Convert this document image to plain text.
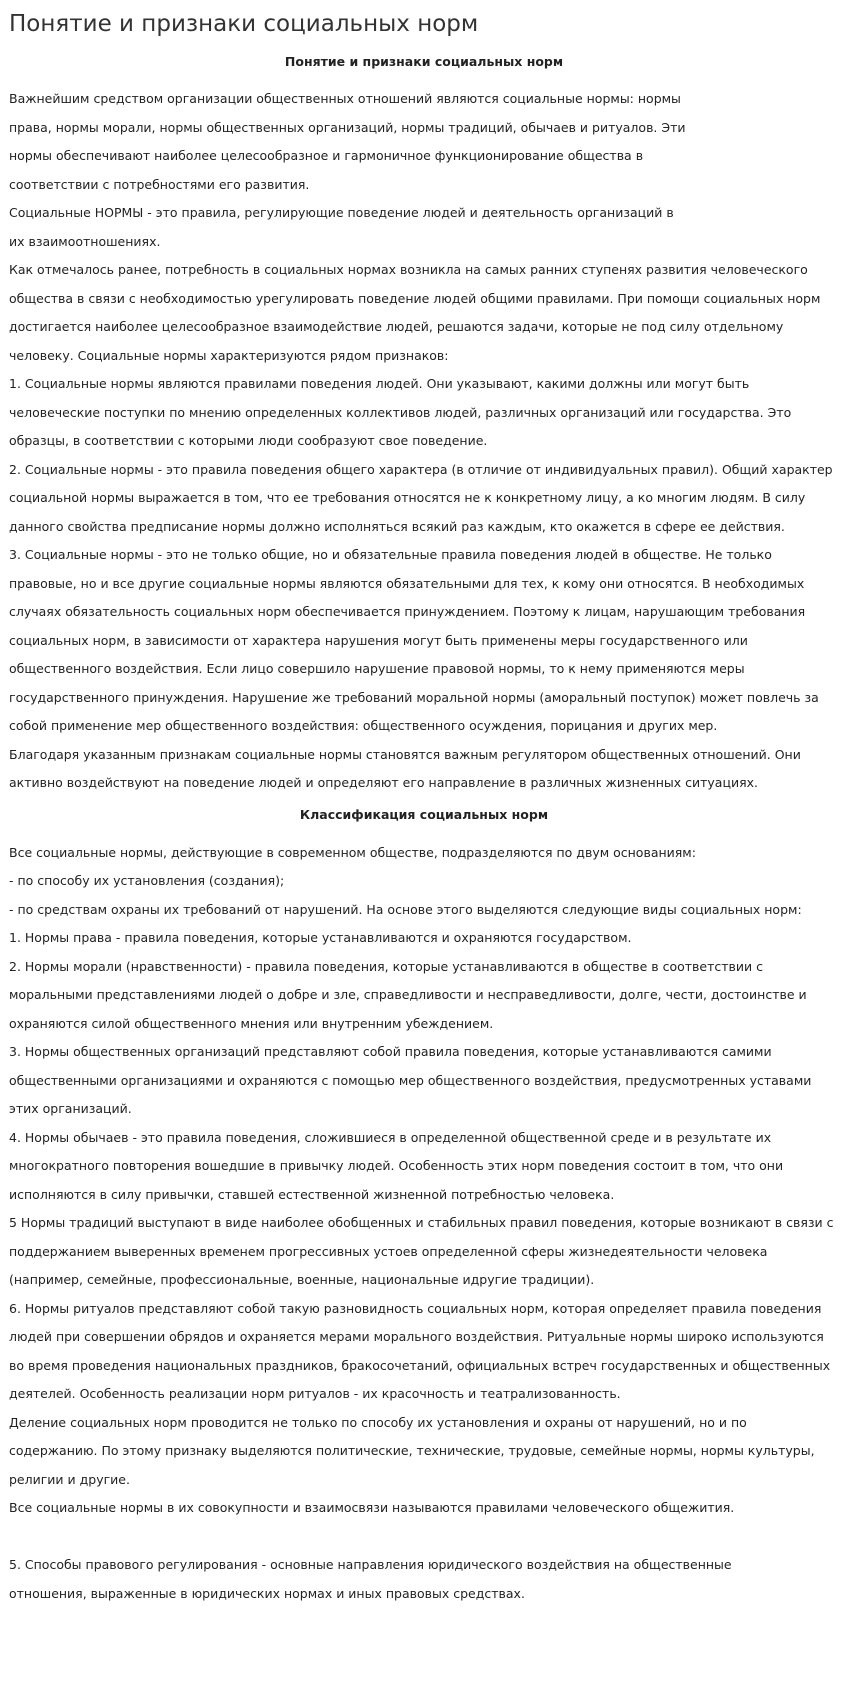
Понятие и признаки социальных норм
Понятие и признаки социальных норм

Важнейшим средством организации общественных отношений являются социальные нормы: нормы права, нормы морали, нормы общественных организаций, нормы традиций, обычаев и ритуалов. Эти нормы обеспечивают наиболее целесообразное и гармоничное функционирование общества в соответствии с потребностями его развития.

Социальные НОРМЫ - это правила, регулирующие поведение людей и деятельность организаций в их взаимоотношениях.

Как отмечалось ранее, потребность в социальных нормах возникла на самых ранних ступенях развития человеческого общества в связи с необходимостью урегулировать поведение людей общими правилами. При помощи социальных норм достигается наиболее целесообразное взаимодействие людей, решаются задачи, которые не под силу отдельному человеку. Социальные нормы характеризуются рядом признаков:

1. Социальные нормы являются правилами поведения людей. Они указывают, какими должны или могут быть человеческие поступки по мнению определенных коллективов людей, различных организаций или государства. Это образцы, в соответствии с которыми люди сообразуют свое поведение.

2. Социальные нормы - это правила поведения общего характера (в отличие от индивидуальных правил). Общий характер социальной нормы выражается в том, что ее требования относятся не к конкретному лицу, а ко многим людям. В силу данного свойства предписание нормы должно исполняться всякий раз каждым, кто окажется в сфере ее действия.

3. Социальные нормы - это не только общие, но и обязательные правила поведения людей в обществе. Не только правовые, но и все другие социальные нормы являются обязательными для тех, к кому они относятся. В необходимых случаях обязательность социальных норм обеспечивается принуждением. Поэтому к лицам, нарушающим требования социальных норм, в зависимости от характера нарушения могут быть применены меры государственного или общественного воздействия. Если лицо совершило нарушение правовой нормы, то к нему применяются меры государственного принуждения. Нарушение же требований моральной нормы (аморальный поступок) может повлечь за собой применение мер общественного воздействия: общественного осуждения, порицания и других мер.

Благодаря указанным признакам социальные нормы становятся важным регулятором общественных отношений. Они активно воздействуют на поведение людей и определяют его направление в различных жизненных ситуациях.

Классификация социальных норм

Все социальные нормы, действующие в современном обществе, подразделяются по двум основаниям:

- по способу их установления (создания);

- по средствам охраны их требований от нарушений. На основе этого выделяются следующие виды социальных норм:

1. Нормы права - правила поведения, которые устанавливаются и охраняются государством.

2. Нормы морали (нравственности) - правила поведения, которые устанавливаются в обществе в соответствии с моральными представлениями людей о добре и зле, справедливости и несправедливости, долге, чести, достоинстве и охраняются силой общественного мнения или внутренним убеждением.

3. Нормы общественных организаций представляют собой правила поведения, которые устанавливаются самими общественными организациями и охраняются с помощью мер общественного воздействия, предусмотренных уставами этих организаций.

4. Нормы обычаев - это правила поведения, сложившиеся в определенной общественной среде и в результате их многократного повторения вошедшие в привычку людей. Особенность этих норм поведения состоит в том, что они исполняются в силу привычки, ставшей естественной жизненной потребностью человека.

5 Нормы традиций выступают в виде наиболее обобщенных и стабильных правил поведения, которые возникают в связи с поддержанием выверенных временем прогрессивных устоев определенной сферы жизнедеятельности человека (например, семейные, профессиональные, военные, национальные идругие традиции).

6. Нормы ритуалов представляют собой такую разновидность социальных норм, которая определяет правила поведения людей при совершении обрядов и охраняется мерами морального воздействия. Ритуальные нормы широко используются во время проведения национальных праздников, бракосочетаний, официальных встреч государственных и общественных деятелей. Особенность реализации норм ритуалов - их красочность и театрализованность.

Деление социальных норм проводится не только по способу их установления и охраны от нарушений, но и по содержанию. По этому признаку выделяются политические, технические, трудовые, семейные нормы, нормы культуры, религии и другие.

Все социальные нормы в их совокупности и взаимосвязи называются правилами человеческого общежития.

5. Способы правового регулирования - основные направления юридического воздействия на общественные отношения, выраженные в юридических нормах и иных правовых средствах.
